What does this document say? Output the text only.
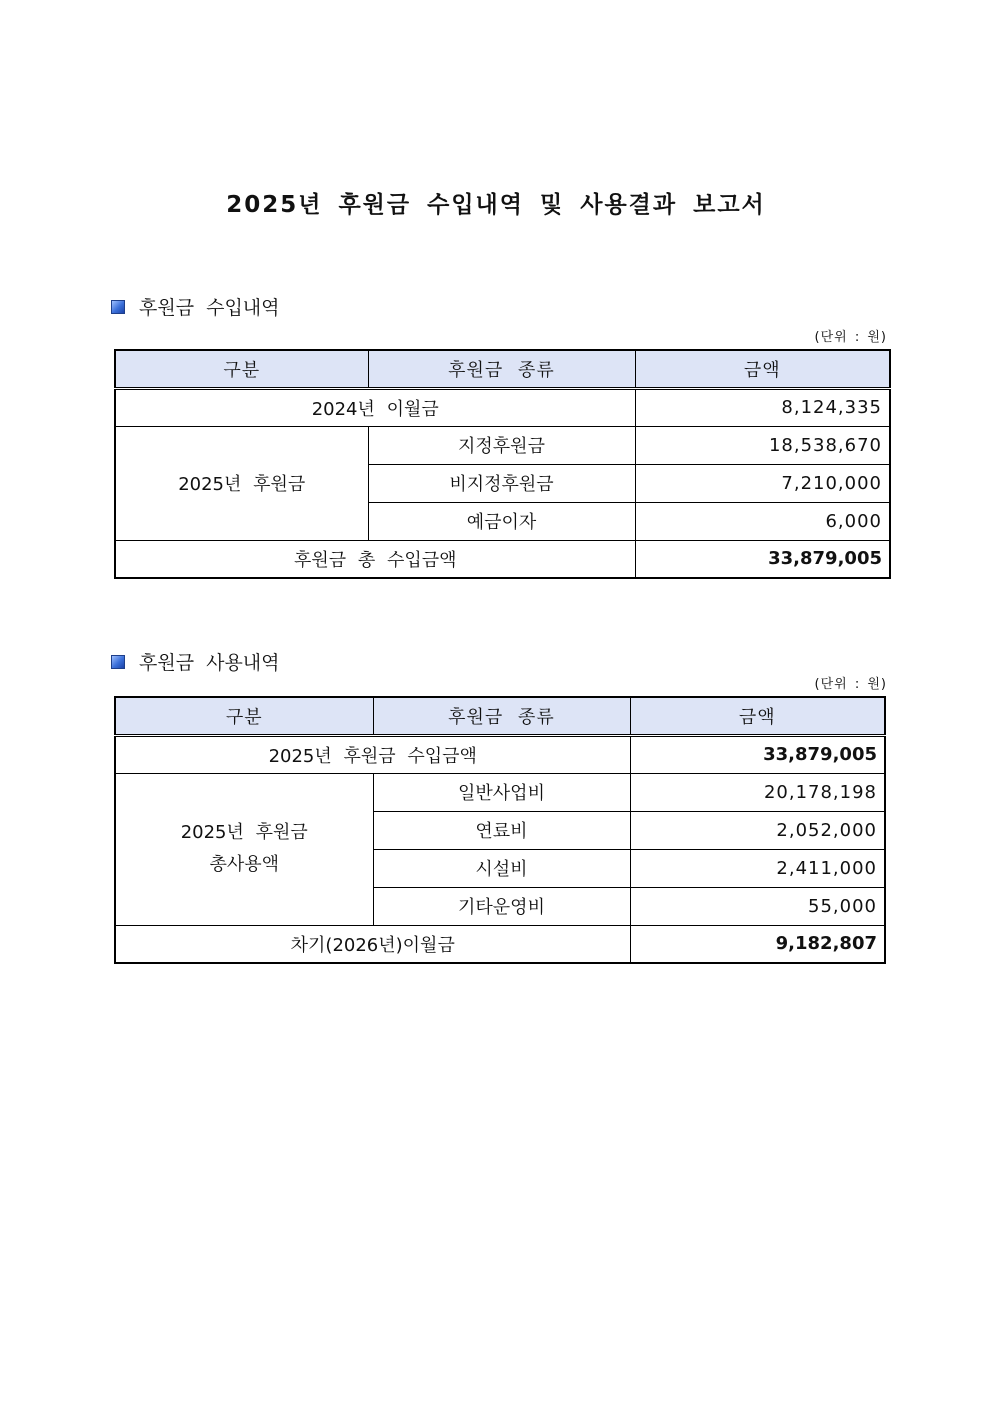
2025년 후원금 수입내역 및 사용결과 보고서
후원금 수입내역
(단위 : 원)
구분	후원금 종류	금액
2024년 이월금		8,124,335
2025년 후원금	지정후원금	18,538,670
	비지정후원금	7,210,000
	예금이자	6,000
후원금 총 수입금액		33,879,005
후원금 사용내역
(단위 : 원)
구분	후원금 종류	금액
2025년 후원금 수입금액		33,879,005

2025년 후원금
총사용액	일반사업비	20,178,198
	연료비	2,052,000
	시설비	2,411,000
	기타운영비	55,000
차기(2026년)이월금		9,182,807
